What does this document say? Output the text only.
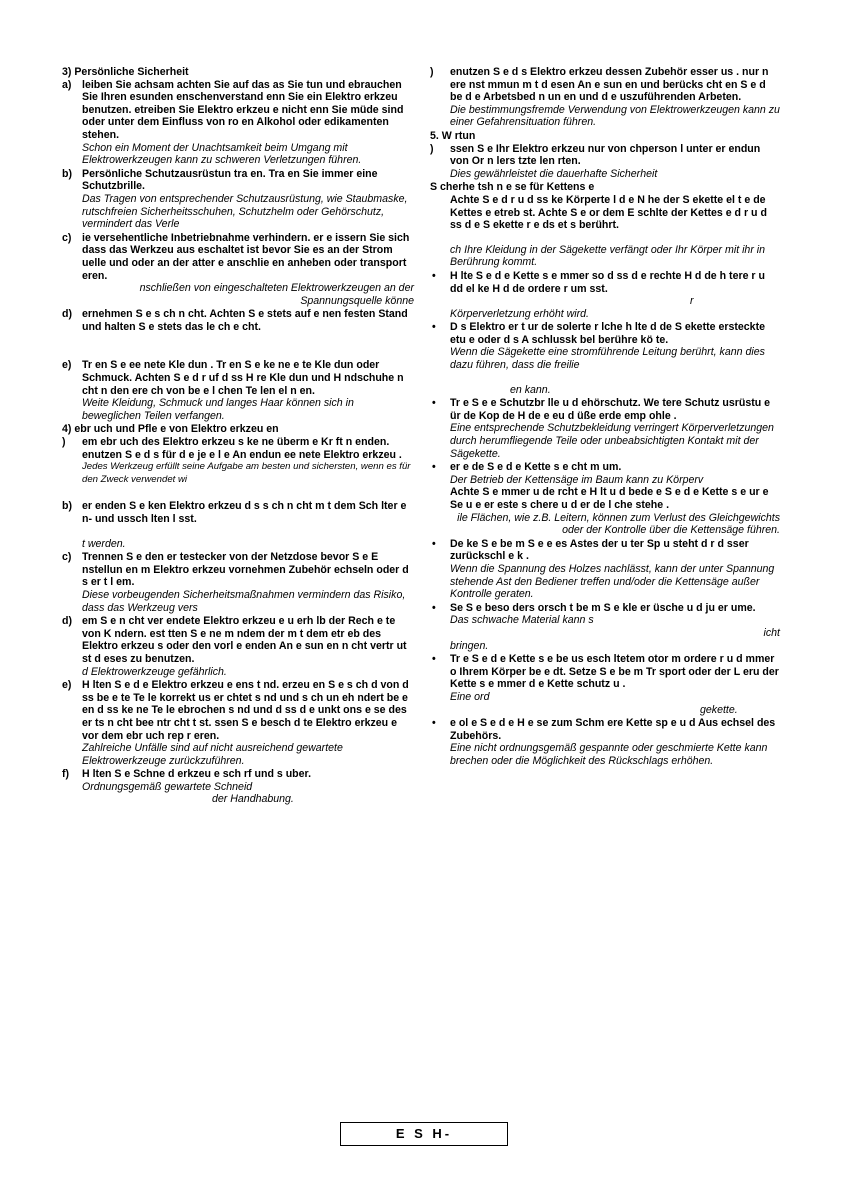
3) Persönliche Sicherheit
a) leiben Sie achsam achten Sie auf das as Sie tun und ebrauchen Sie Ihren esunden enschenverstand enn Sie ein Elektro erkzeu benutzen. etreiben Sie Elektro erkzeu e nicht enn Sie müde sind oder unter dem Einfluss von ro en Alkohol oder edikamenten stehen.
Schon ein Moment der Unachtsamkeit beim Umgang mit Elektrowerkzeugen kann zu schweren Verletzungen führen.
b) Persönliche Schutzausrüstun tra en. Tra en Sie immer eine Schutzbrille.
Das Tragen von entsprechender Schutzausrüstung, wie Staubmaske, rutschfreien Sicherheitsschuhen, Schutzhelm oder Gehörschutz, vermindert das Verle
c) ie versehentliche Inbetriebnahme verhindern. er e issern Sie sich dass das Werkzeu aus eschaltet ist bevor Sie es an der Strom uelle und oder an der atter e anschlie en anheben oder transport eren.
nschließen von eingeschalteten Elektrowerkzeugen an der Spannungsquelle könne
d) ernehmen S e s ch n cht. Achten S e stets auf e nen festen Stand und halten S e stets das le ch e cht.
e) Tr en S e ee nete Kle dun . Tr en S e ke ne e te Kle dun oder Schmuck. Achten S e d r uf d ss H re Kle dun und H ndschuhe n cht n den ere ch von be e l chen Te len el n en.
Weite Kleidung, Schmuck und langes Haar können sich in beweglichen Teilen verfangen.
4) ebr uch und Pfle e von Elektro erkzeu en
) em ebr uch des Elektro erkzeu s ke ne überm e Kr ft n enden. enutzen S e d s für d e je e l e An endun ee nete Elektro erkzeu .
Jedes Werkzeug erfüllt seine Aufgabe am besten und sichersten, wenn es für den Zweck verwendet wi
b) er enden S e ken Elektro erkzeu d s s ch n cht m t dem Sch lter e n- und ussch lten l sst.
t werden.
c) Trennen S e den er testecker von der Netzdose bevor S e E nstellun en m Elektro erkzeu vornehmen Zubehör echseln oder d s er t l em.
Diese vorbeugenden Sicherheitsmaßnahmen vermindern das Risiko, dass das Werkzeug vers
d) em S e n cht ver endete Elektro erkzeu e u erh lb der Rech e te von K ndern. est tten S e ne m ndem der m t dem etr eb des Elektro erkzeu s oder den vorl e enden An e sun en n cht vertr ut st d eses zu benutzen.
d Elektrowerkzeuge gefährlich.
e) H lten S e d e Elektro erkzeu e ens t nd. erzeu en S e s ch d von d ss be e te Te le korrekt us er chtet s nd und s ch un eh ndert be e en d ss ke ne Te le ebrochen s nd und d ss d e unkt ons e se des er ts n cht bee ntr cht t st. ssen S e besch d te Elektro erkzeu e vor dem ebr uch rep r eren.
Zahlreiche Unfälle sind auf nicht ausreichend gewartete Elektrowerkzeuge zurückzuführen.
f) H lten S e Schne d erkzeu e sch rf und s uber.
Ordnungsgemäß gewartete Schneid
der Handhabung.
) enutzen S e d s Elektro erkzeu dessen Zubehör esser us . nur n ere nst mmun m t d esen An e sun en und berücks cht en S e d be d e Arbetsbed n un en und d e uszuführenden Arbeten.
Die bestimmungsfremde Verwendung von Elektrowerkzeugen kann zu einer Gefahrensituation führen.
5. W rtun
) ssen S e Ihr Elektro erkzeu nur von chperson l unter er endun von Or n lers tzte len rten.
Dies gewährleistet die dauerhafte Sicherheit
S cherhe tsh n e se für Kettens e
Achte S e d r u d ss ke Körperte l d e N he der S ekette el t e de Kettes e etreb st. Achte S e or dem E schlte der Kettes e d r u d ss d e S ekette r e ds et s berührt.
ch Ihre Kleidung in der Sägekette verfängt oder Ihr Körper mit ihr in Berührung kommt.
• H lte S e d e Kette s e mmer so d ss d e rechte H d de h tere r u dd el ke H d de ordere r um sst.
r
Körperverletzung erhöht wird.
• D s Elektro er t ur de solerte r lche h lte d de S ekette ersteckte etu e oder d s A schlussk bel berühre kö te.
Wenn die Sägekette eine stromführende Leitung berührt, kann dies dazu führen, dass die freilie
en kann.
• Tr e S e e Schutzbr lle u d ehörschutz. We tere Schutz usrüstu e ür de Kop de H de e eu d üße erde emp ohle .
Eine entsprechende Schutzbekleidung verringert Körperverletzungen durch herumfliegende Teile oder unbeabsichtigten Kontakt mit der Sägekette.
• er e de S e d e Kette s e cht m um.
Der Betrieb der Kettensäge im Baum kann zu Körperv
Achte S e mmer u de rcht e H lt u d bede e S e d e Kette s e ur e Se u e er este s chere u d er de l che stehe .
ile Flächen, wie z.B. Leitern, können zum Verlust des Gleichgewichts oder der Kontrolle über die Kettensäge führen.
• De ke S e be m S e e es Astes der u ter Sp u steht d r d sser zurückschl e k .
Wenn die Spannung des Holzes nachlässt, kann der unter Spannung stehende Ast den Bediener treffen und/oder die Kettensäge außer Kontrolle geraten.
• Se S e beso ders orsch t be m S e kle er üsche u d ju er ume.
Das schwache Material kann s
icht
bringen.
• Tr e S e d e Kette s e be us esch ltetem otor m ordere r u d mmer o Ihrem Körper be e dt. Setze S e be m Tr sport oder der L eru der Kette s e mmer d e Kette schutz u .
Eine ord
gekette.
• e ol e S e d e H e se zum Schm ere Kette sp e u d Aus echsel des Zubehörs.
Eine nicht ordnungsgemäß gespannte oder geschmierte Kette kann brechen oder die Möglichkeit des Rückschlags erhöhen.
E S H-
